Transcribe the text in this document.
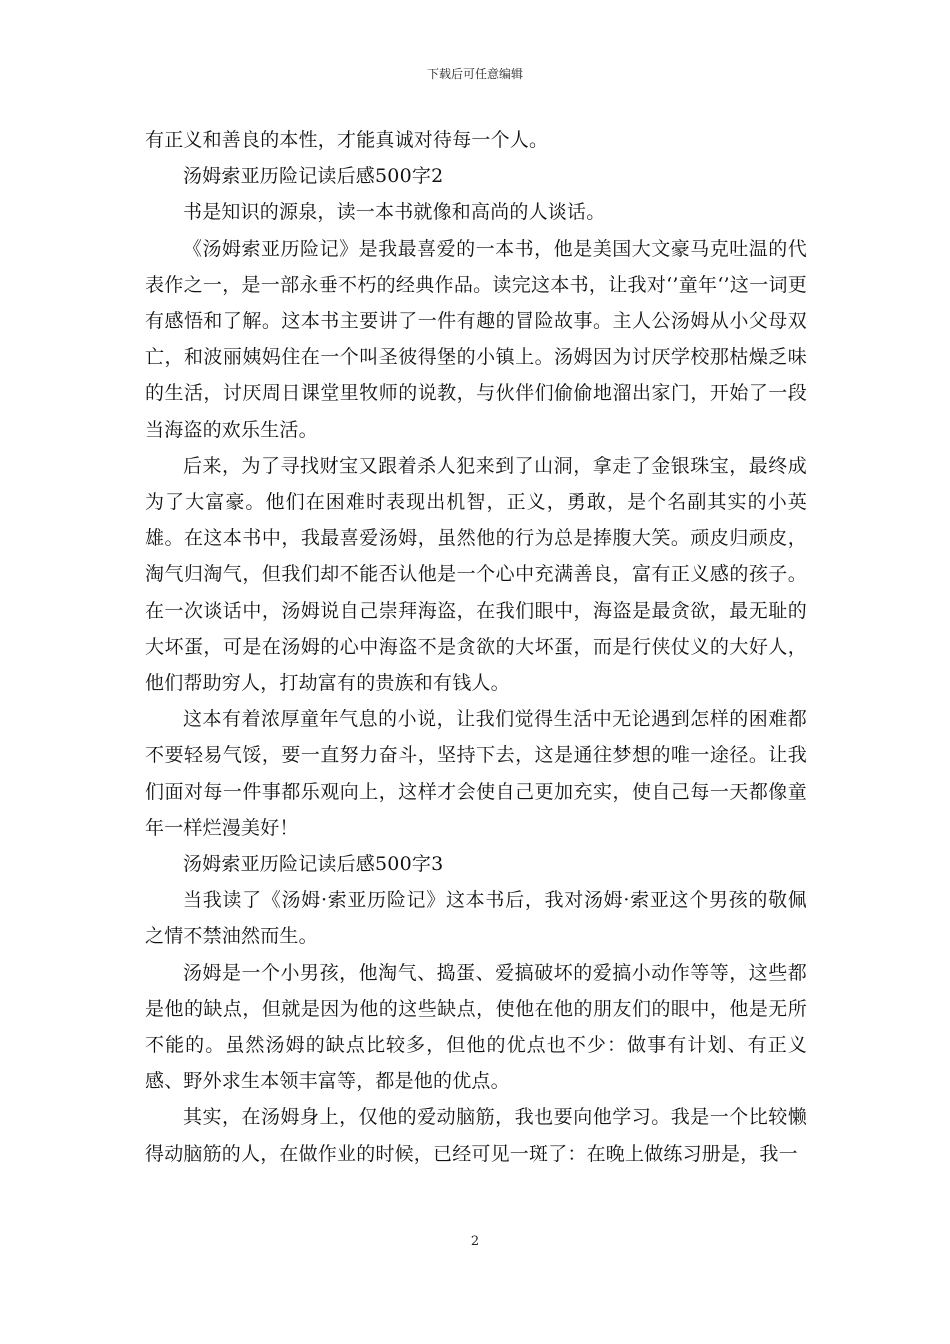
下载后可任意编辑

有正义和善良的本性，才能真诚对待每一个人。

汤姆索亚历险记读后感500字2

书是知识的源泉，读一本书就像和高尚的人谈话。

《汤姆索亚历险记》是我最喜爱的一本书，他是美国大文豪马克吐温的代表作之一，是一部永垂不朽的经典作品。读完这本书，让我对‘’童年‘’这一词更有感悟和了解。这本书主要讲了一件有趣的冒险故事。主人公汤姆从小父母双亡，和波丽姨妈住在一个叫圣彼得堡的小镇上。汤姆因为讨厌学校那枯燥乏味的生活，讨厌周日课堂里牧师的说教，与伙伴们偷偷地溜出家门，开始了一段当海盗的欢乐生活。

后来，为了寻找财宝又跟着杀人犯来到了山洞，拿走了金银珠宝，最终成为了大富豪。他们在困难时表现出机智，正义，勇敢，是个名副其实的小英雄。在这本书中，我最喜爱汤姆，虽然他的行为总是捧腹大笑。顽皮归顽皮，淘气归淘气，但我们却不能否认他是一个心中充满善良，富有正义感的孩子。在一次谈话中，汤姆说自己崇拜海盗，在我们眼中，海盗是最贪欲，最无耻的大坏蛋，可是在汤姆的心中海盗不是贪欲的大坏蛋，而是行侠仗义的大好人，他们帮助穷人，打劫富有的贵族和有钱人。

这本有着浓厚童年气息的小说，让我们觉得生活中无论遇到怎样的困难都不要轻易气馁，要一直努力奋斗，坚持下去，这是通往梦想的唯一途径。让我们面对每一件事都乐观向上，这样才会使自己更加充实，使自己每一天都像童年一样烂漫美好！

汤姆索亚历险记读后感500字3

当我读了《汤姆·索亚历险记》这本书后，我对汤姆·索亚这个男孩的敬佩之情不禁油然而生。

汤姆是一个小男孩，他淘气、捣蛋、爱搞破坏的爱搞小动作等等，这些都是他的缺点，但就是因为他的这些缺点，使他在他的朋友们的眼中，他是无所不能的。虽然汤姆的缺点比较多，但他的优点也不少：做事有计划、有正义感、野外求生本领丰富等，都是他的优点。

其实，在汤姆身上，仅他的爱动脑筋，我也要向他学习。我是一个比较懒得动脑筋的人，在做作业的时候，已经可见一斑了：在晚上做练习册是，我一

2
